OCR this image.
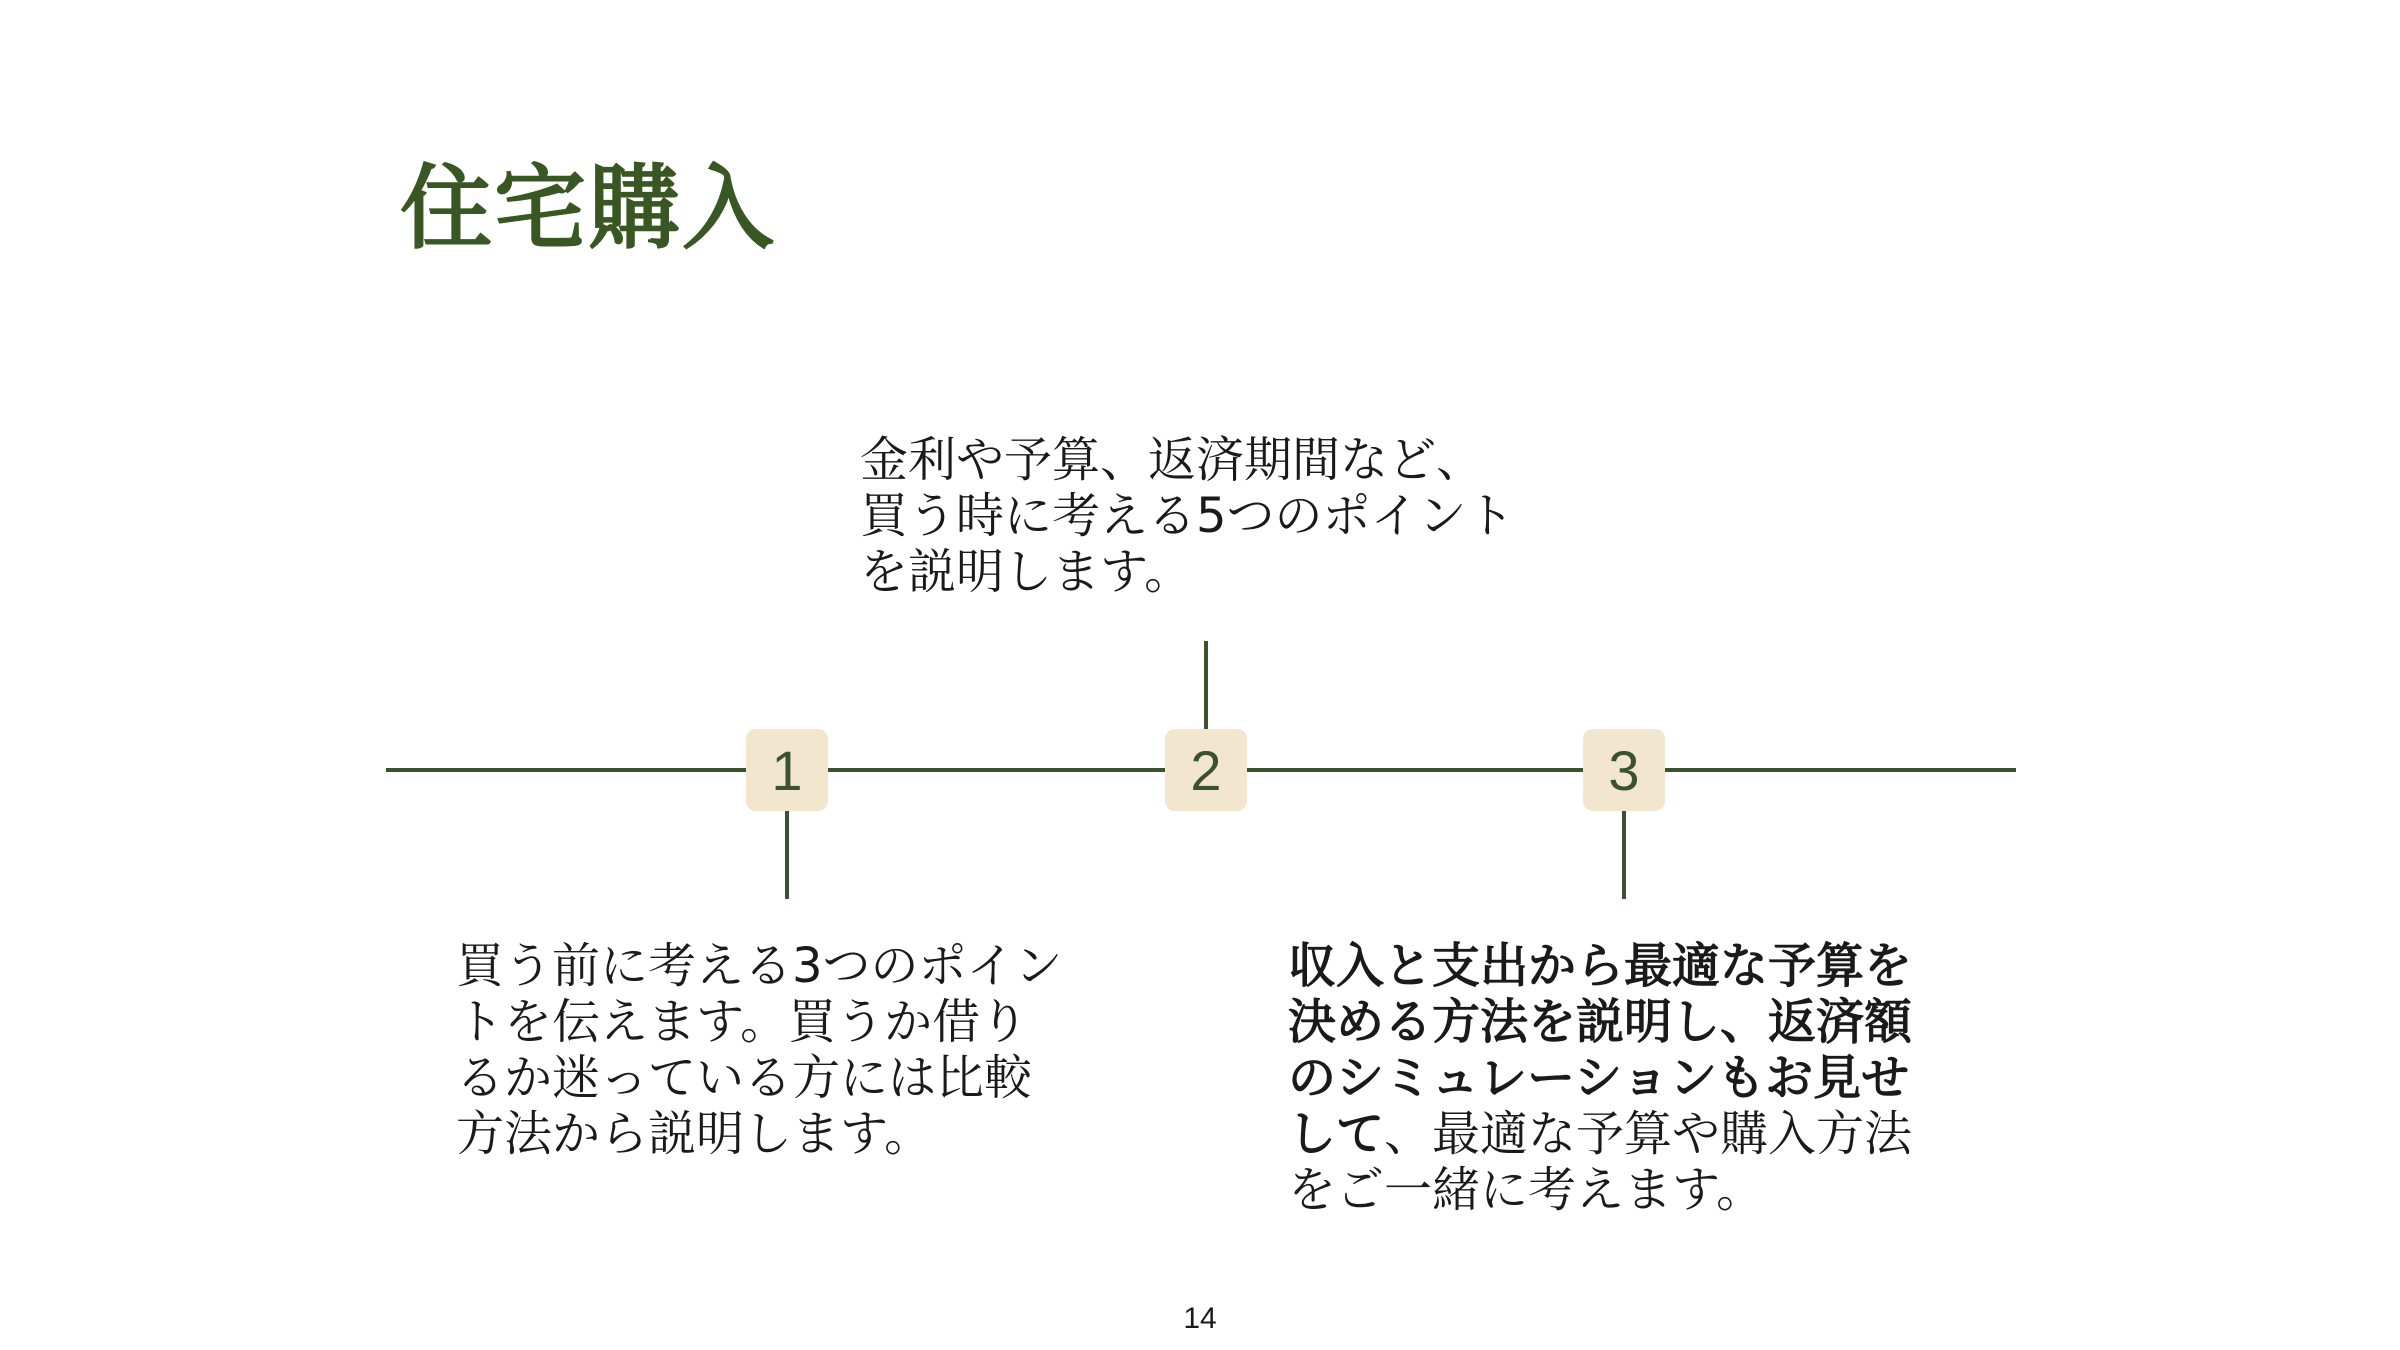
住宅購入
1	2	3
金利や予算、返済期間など、
買う時に考える5つのポイント
を説明します。
買う前に考える3つのポイン
トを伝えます。買うか借り
るか迷っている方には比較
方法から説明します。
収入と支出から最適な予算を
決める方法を説明し、返済額
のシミュレーションもお見せ
して、最適な予算や購入方法
をご一緒に考えます。
14
